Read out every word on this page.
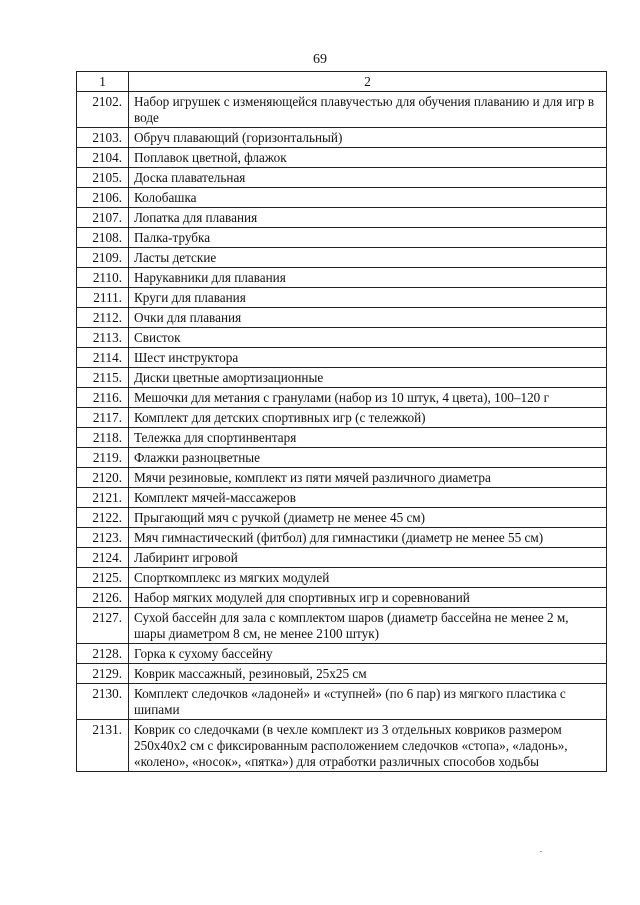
69
1	2
2102.	Набор игрушек с изменяющейся плавучестью для обучения плаванию и для игр в воде
2103.	Обруч плавающий (горизонтальный)
2104.	Поплавок цветной, флажок
2105.	Доска плавательная
2106.	Колобашка
2107.	Лопатка для плавания
2108.	Палка-трубка
2109.	Ласты детские
2110.	Нарукавники для плавания
2111.	Круги для плавания
2112.	Очки для плавания
2113.	Свисток
2114.	Шест инструктора
2115.	Диски цветные амортизационные
2116.	Мешочки для метания с гранулами (набор из 10 штук, 4 цвета), 100–120 г
2117.	Комплект для детских спортивных игр (с тележкой)
2118.	Тележка для спортинвентаря
2119.	Флажки разноцветные
2120.	Мячи резиновые, комплект из пяти мячей различного диаметра
2121.	Комплект мячей-массажеров
2122.	Прыгающий мяч с ручкой (диаметр не менее 45 см)
2123.	Мяч гимнастический (фитбол) для гимнастики (диаметр не менее 55 см)
2124.	Лабиринт игровой
2125.	Спорткомплекс из мягких модулей
2126.	Набор мягких модулей для спортивных игр и соревнований
2127.	Сухой бассейн для зала с комплектом шаров (диаметр бассейна не менее 2 м, шары диаметром 8 см, не менее 2100 штук)
2128.	Горка к сухому бассейну
2129.	Коврик массажный, резиновый, 25х25 см
2130.	Комплект следочков «ладоней» и «ступней» (по 6 пар) из мягкого пластика с шипами
2131.	Коврик со следочками (в чехле комплект из 3 отдельных ковриков размером 250х40х2 см с фиксированным расположением следочков «стопа», «ладонь», «колено», «носок», «пятка») для отработки различных способов ходьбы
